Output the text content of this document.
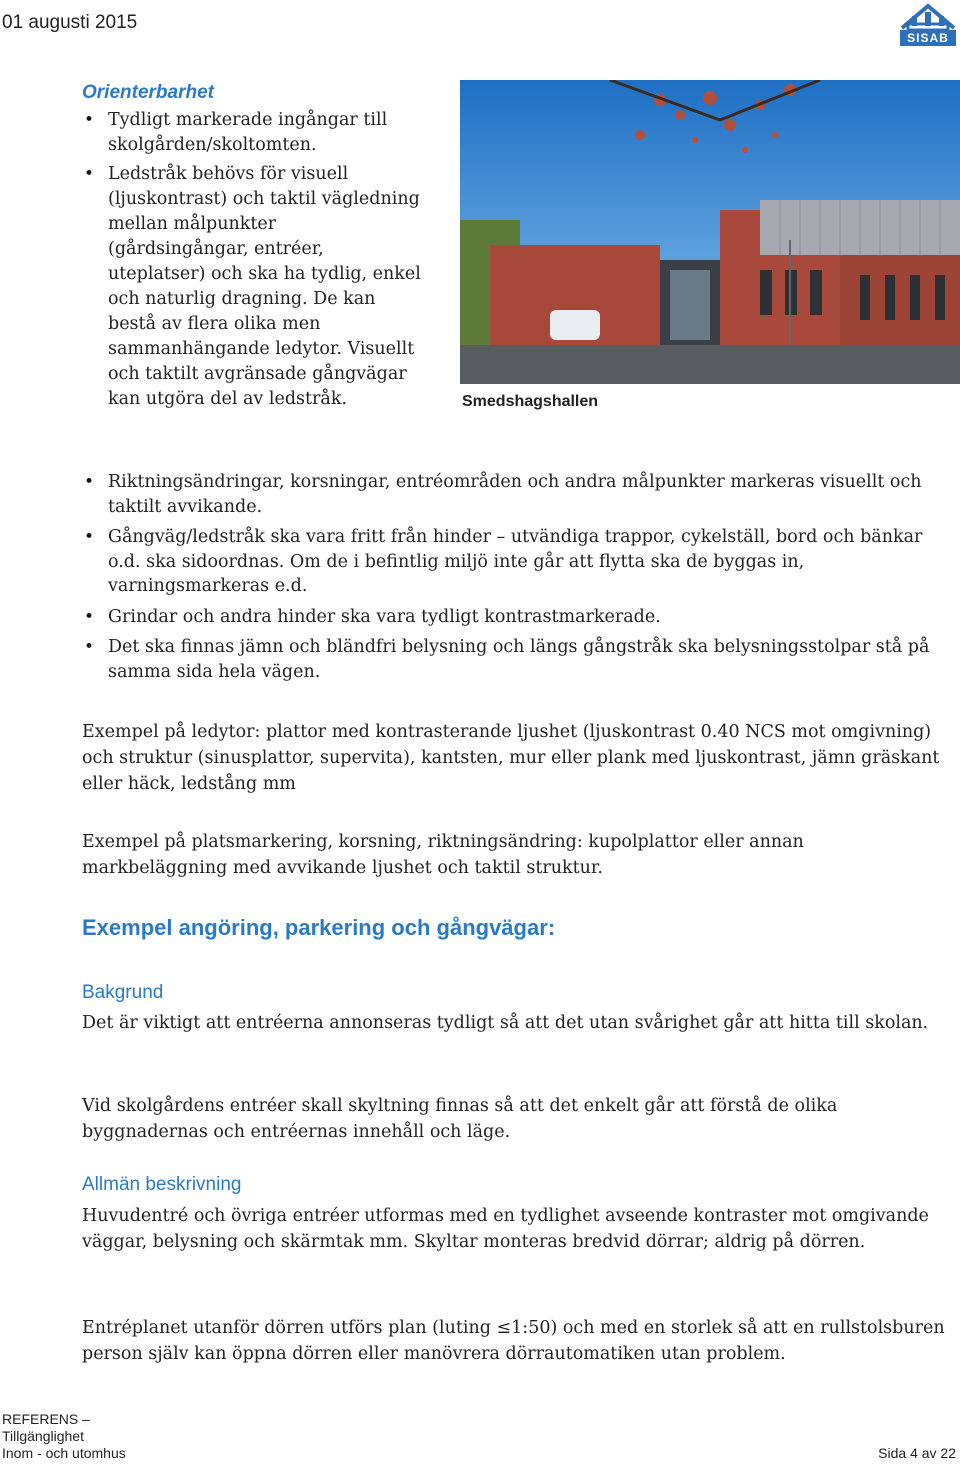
01 augusti 2015
SISAB
Orienterbarhet
• Tydligt markerade ingångar till skolgården/skoltomten.
• Ledstråk behövs för visuell (ljuskontrast) och taktil vägledning mellan målpunkter (gårdsingångar, entréer, uteplatser) och ska ha tydlig, enkel och naturlig dragning. De kan bestå av flera olika men sammanhängande ledytor. Visuellt och taktilt avgränsade gångvägar kan utgöra del av ledstråk.	Smedshagshallen
• Riktningsändringar, korsningar, entréområden och andra målpunkter markeras visuellt och taktilt avvikande.
• Gångväg/ledstråk ska vara fritt från hinder – utvändiga trappor, cykelställ, bord och bänkar o.d. ska sidoordnas. Om de i befintlig miljö inte går att flytta ska de byggas in, varningsmarkeras e.d.
• Grindar och andra hinder ska vara tydligt kontrastmarkerade.
• Det ska finnas jämn och bländfri belysning och längs gångstråk ska belysningsstolpar stå på samma sida hela vägen.

Exempel på ledytor: plattor med kontrasterande ljushet (ljuskontrast 0.40 NCS mot omgivning) och struktur (sinusplattor, supervita), kantsten, mur eller plank med ljuskontrast, jämn gräskant eller häck, ledstång mm

Exempel på platsmarkering, korsning, riktningsändring: kupolplattor eller annan markbeläggning med avvikande ljushet och taktil struktur.

Exempel angöring, parkering och gångvägar:
Bakgrund

Det är viktigt att entréerna annonseras tydligt så att det utan svårighet går att hitta till skolan.

Vid skolgårdens entréer skall skyltning finnas så att det enkelt går att förstå de olika byggnadernas och entréernas innehåll och läge.

Allmän beskrivning

Huvudentré och övriga entréer utformas med en tydlighet avseende kontraster mot omgivande väggar, belysning och skärmtak mm. Skyltar monteras bredvid dörrar; aldrig på dörren.

Entréplanet utanför dörren utförs plan (luting ≤1:50) och med en storlek så att en rullstolsburen person själv kan öppna dörren eller manövrera dörrautomatiken utan problem.

REFERENS –
Tillgänglighet
Inom - och utomhus	Sida 4 av 22
